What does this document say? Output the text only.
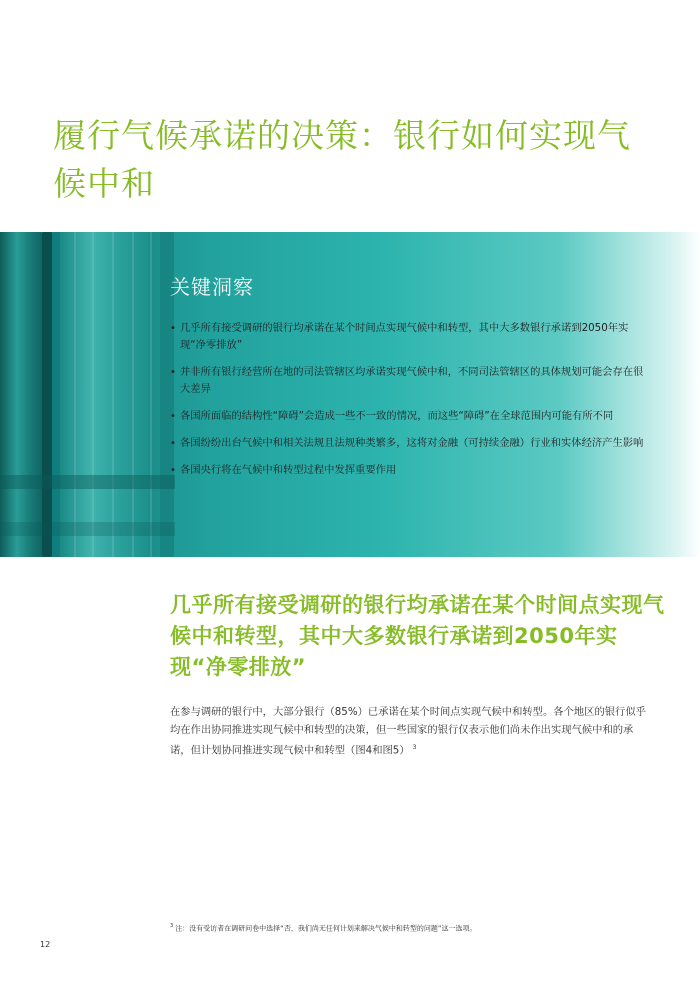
履行气候承诺的决策：银行如何实现气候中和
关键洞察
• 几乎所有接受调研的银行均承诺在某个时间点实现气候中和转型，其中大多数银行承诺到2050年实现“净零排放”
• 并非所有银行经营所在地的司法管辖区均承诺实现气候中和，不同司法管辖区的具体规划可能会存在很大差异
• 各国所面临的结构性“障碍”会造成一些不一致的情况，而这些“障碍”在全球范围内可能有所不同
• 各国纷纷出台气候中和相关法规且法规种类繁多，这将对金融（可持续金融）行业和实体经济产生影响
• 各国央行将在气候中和转型过程中发挥重要作用
几乎所有接受调研的银行均承诺在某个时间点实现气候中和转型，其中大多数银行承诺到2050年实现“净零排放”

在参与调研的银行中，大部分银行（85%）已承诺在某个时间点实现气候中和转型。各个地区的银行似乎均在作出协同推进实现气候中和转型的决策，但一些国家的银行仅表示他们尚未作出实现气候中和的承诺，但计划协同推进实现气候中和转型（图4和图5） $^3$

$^3$ 注：没有受访者在调研问卷中选择“否，我们尚无任何计划来解决气候中和转型的问题”这一选项。

12
